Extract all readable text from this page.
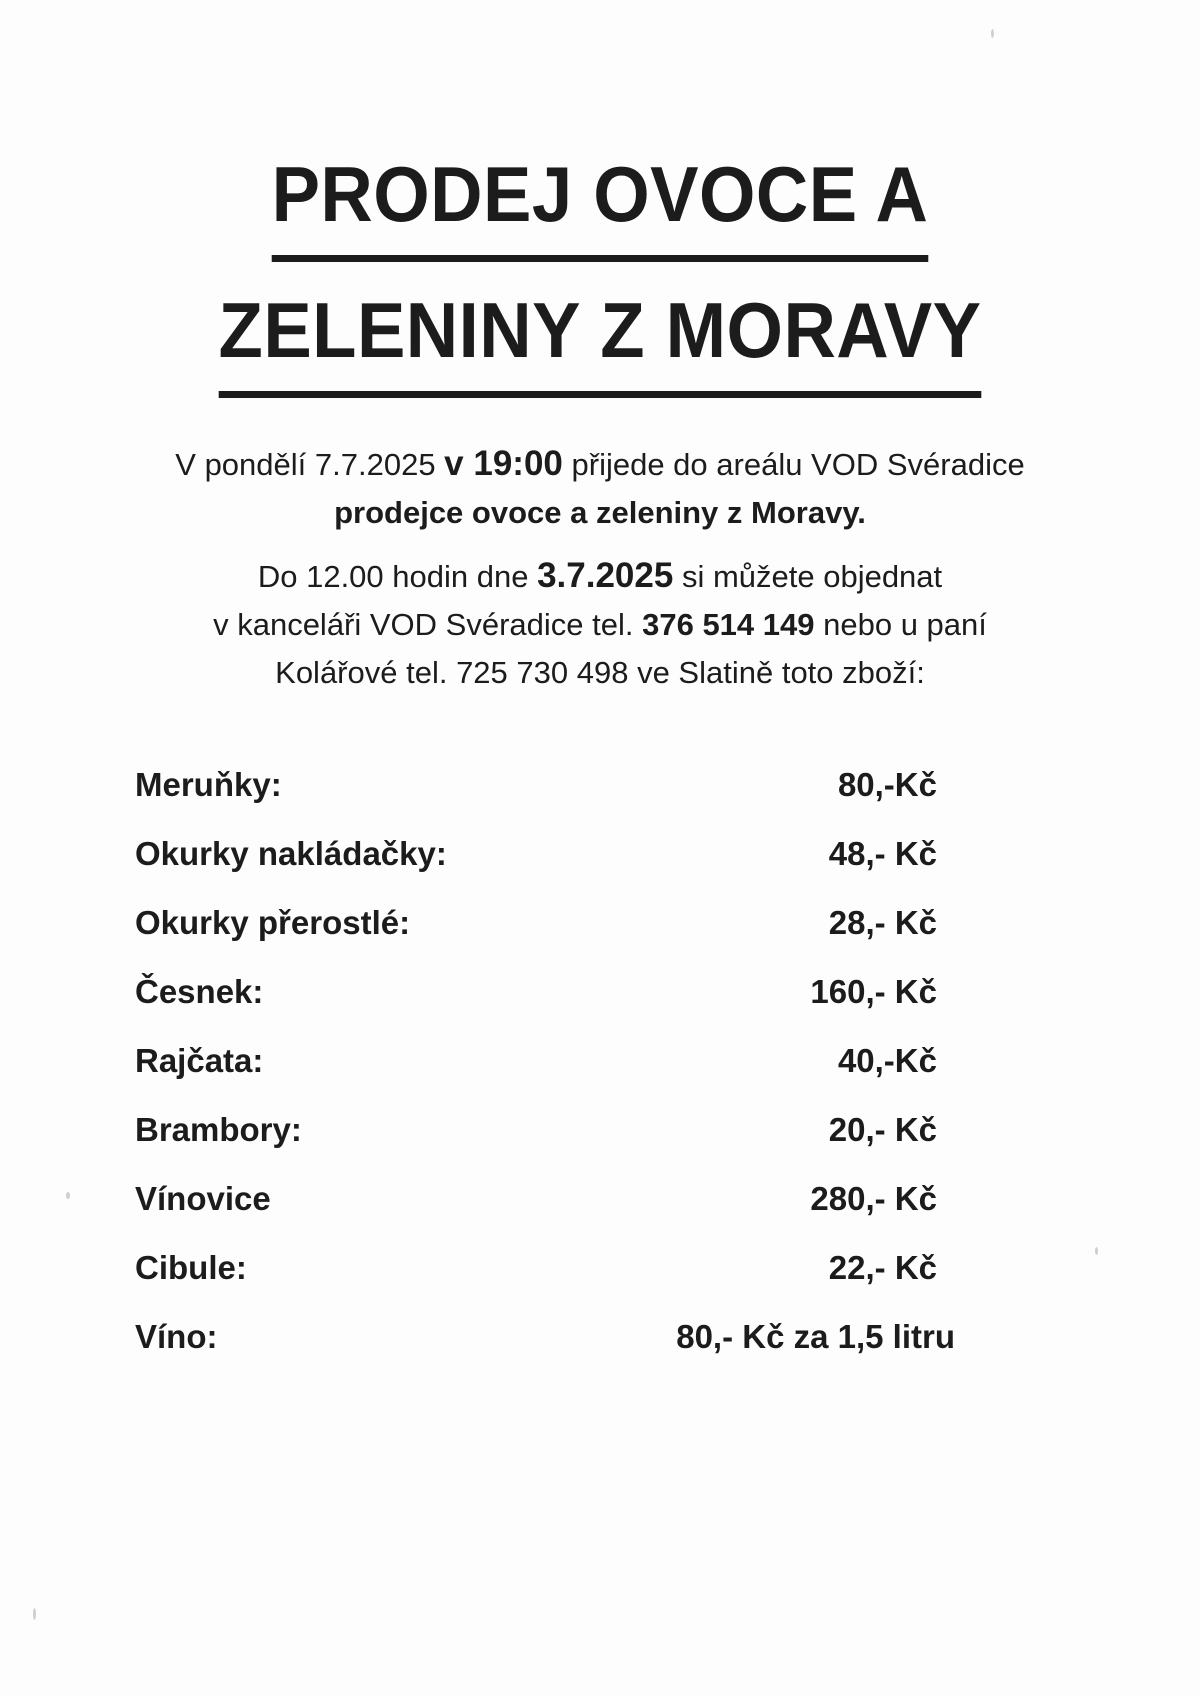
PRODEJ OVOCE A
ZELENINY Z MORAVY
V pondělí 7.7.2025 v 19:00 přijede do areálu VOD Svéradice
prodejce ovoce a zeleniny z Moravy.
Do 12.00 hodin dne 3.7.2025 si můžete objednat
v kanceláři VOD Svéradice tel. 376 514 149 nebo u paní
Kolářové tel. 725 730 498 ve Slatině toto zboží:
Meruňky:	80,-Kč
Okurky nakládačky:	48,- Kč
Okurky přerostlé:	28,- Kč
Česnek:	160,- Kč
Rajčata:	40,-Kč
Brambory:	20,- Kč
Vínovice	280,- Kč
Cibule:	22,- Kč
Víno:	80,- Kč za 1,5 litru
